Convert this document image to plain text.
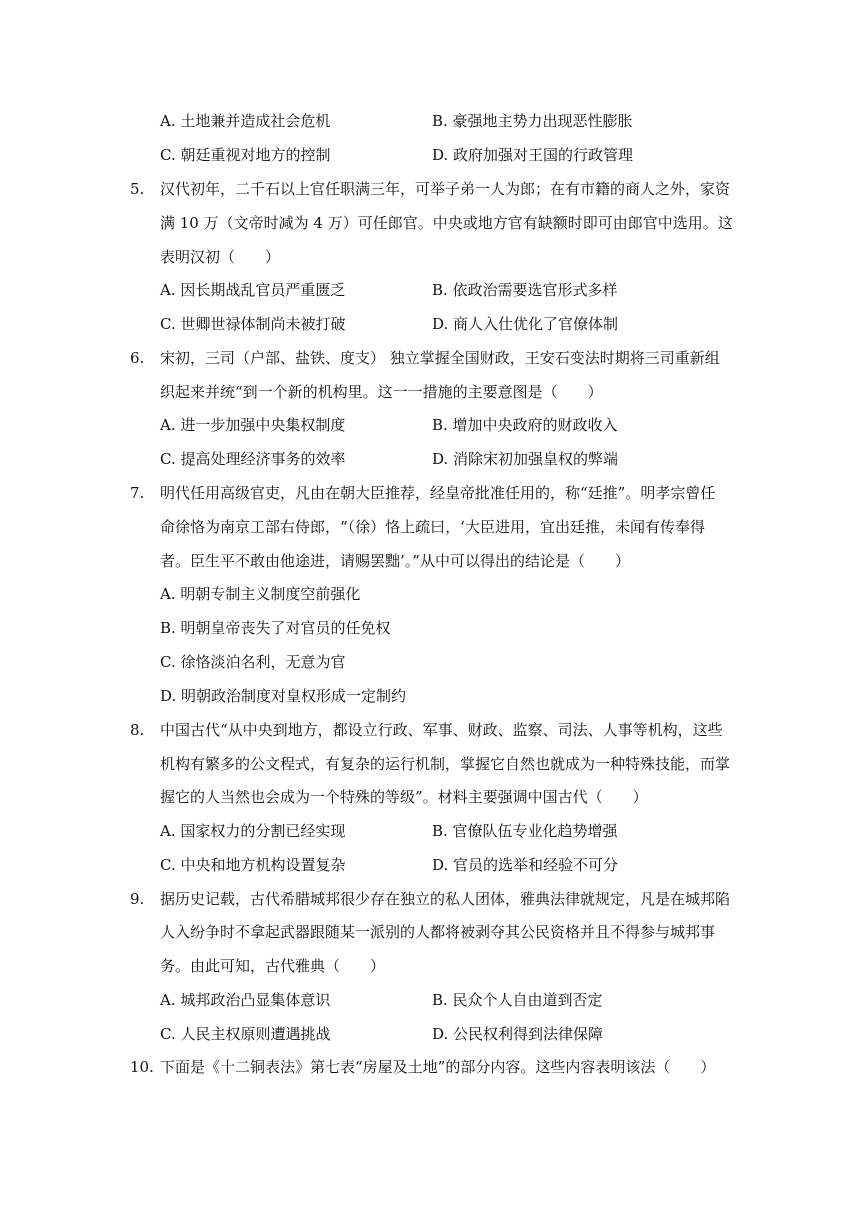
A. 土地兼并造成社会危机	B. 豪强地主势力出现恶性膨胀
C. 朝廷重视对地方的控制	D. 政府加强对王国的行政管理
5. 汉代初年，二千石以上官任职满三年，可举子弟一人为郎；在有市籍的商人之外，家资
满 10 万（文帝时减为 4 万）可任郎官。中央或地方官有缺额时即可由郎官中选用。这
表明汉初（　　）
A. 因长期战乱官员严重匮乏	B. 依政治需要选官形式多样
C. 世卿世禄体制尚未被打破	D. 商人入仕优化了官僚体制
6. 宋初，三司（户部、盐铁、度支） 独立掌握全国财政，王安石变法时期将三司重新组
织起来并统“到一个新的机构里。这一一措施的主要意图是（　　）
A. 进一步加强中央集权制度	B. 增加中央政府的财政收入
C. 提高处理经济事务的效率	D. 消除宋初加强皇权的弊端
7. 明代任用高级官吏，凡由在朝大臣推荐，经皇帝批准任用的，称“廷推”。明孝宗曾任
命徐恪为南京工部右侍郎，“（徐）恪上疏曰，‘大臣进用，宜出廷推，未闻有传奉得
者。臣生平不敢由他途进，请赐罢黜’。”从中可以得出的结论是（　　）
A. 明朝专制主义制度空前强化
B. 明朝皇帝丧失了对官员的任免权
C. 徐恪淡泊名利，无意为官
D. 明朝政治制度对皇权形成一定制约
8. 中国古代“从中央到地方，都设立行政、军事、财政、监察、司法、人事等机构，这些
机构有繁多的公文程式，有复杂的运行机制，掌握它自然也就成为一种特殊技能，而掌
握它的人当然也会成为一个特殊的等级”。材料主要强调中国古代（　　）
A. 国家权力的分割已经实现	B. 官僚队伍专业化趋势增强
C. 中央和地方机构设置复杂	D. 官员的选举和经验不可分
9. 据历史记载，古代希腊城邦很少存在独立的私人团体，雅典法律就规定，凡是在城邦陷
人入纷争时不拿起武器跟随某一派别的人都将被剥夺其公民资格并且不得参与城邦事
务。由此可知，古代雅典（　　）
A. 城邦政治凸显集体意识	B. 民众个人自由道到否定
C. 人民主权原则遭遇挑战	D. 公民权利得到法律保障
10. 下面是《十二铜表法》第七表“房屋及土地”的部分内容。这些内容表明该法（　　）
